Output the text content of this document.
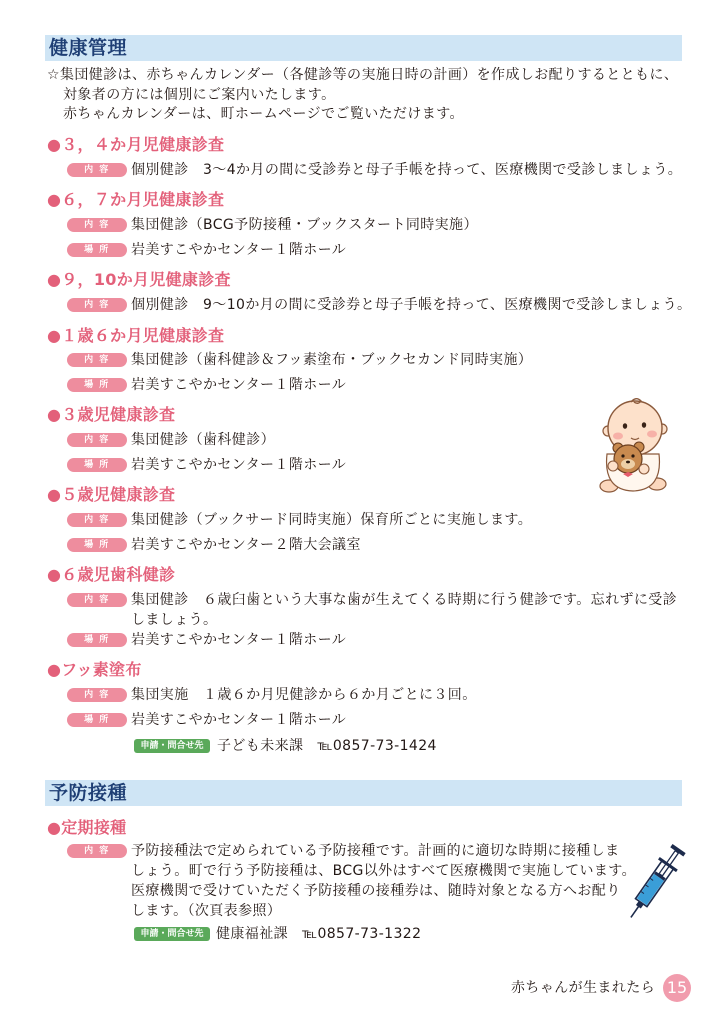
健康管理
☆集団健診は、赤ちゃんカレンダー（各健診等の実施日時の計画）を作成しお配りするとともに、
対象者の方には個別にご案内いたします。
赤ちゃんカレンダーは、町ホームページでご覧いただけます。
●３，４か月児健康診査
内 容	個別健診　3～4か月の間に受診券と母子手帳を持って、医療機関で受診しましょう。
●６，７か月児健康診査
内 容	集団健診（BCG予防接種・ブックスタート同時実施）
場 所	岩美すこやかセンター１階ホール
●９，10か月児健康診査
内 容	個別健診　9～10か月の間に受診券と母子手帳を持って、医療機関で受診しましょう。
●１歳６か月児健康診査
内 容	集団健診（歯科健診＆フッ素塗布・ブックセカンド同時実施）
場 所	岩美すこやかセンター１階ホール
●３歳児健康診査
内 容	集団健診（歯科健診）
場 所	岩美すこやかセンター１階ホール
●５歳児健康診査
内 容	集団健診（ブックサード同時実施）保育所ごとに実施します。
場 所	岩美すこやかセンター２階大会議室
●６歳児歯科健診
内 容	集団健診　６歳臼歯という大事な歯が生えてくる時期に行う健診です。忘れずに受診
しましょう。
場 所	岩美すこやかセンター１階ホール
●フッ素塗布
内 容	集団実施　１歳６か月児健診から６か月ごとに３回。
場 所	岩美すこやかセンター１階ホール
申請・問合せ先 子ども未来課 ℡0857-73-1424
予防接種
●定期接種
内 容	予防接種法で定められている予防接種です。計画的に適切な時期に接種しま
しょう。町で行う予防接種は、BCG以外はすべて医療機関で実施しています。
医療機関で受けていただく予防接種の接種券は、随時対象となる方へお配り
します。（次頁表参照）
申請・問合せ先 健康福祉課 ℡0857-73-1322
赤ちゃんが生まれたら 15
